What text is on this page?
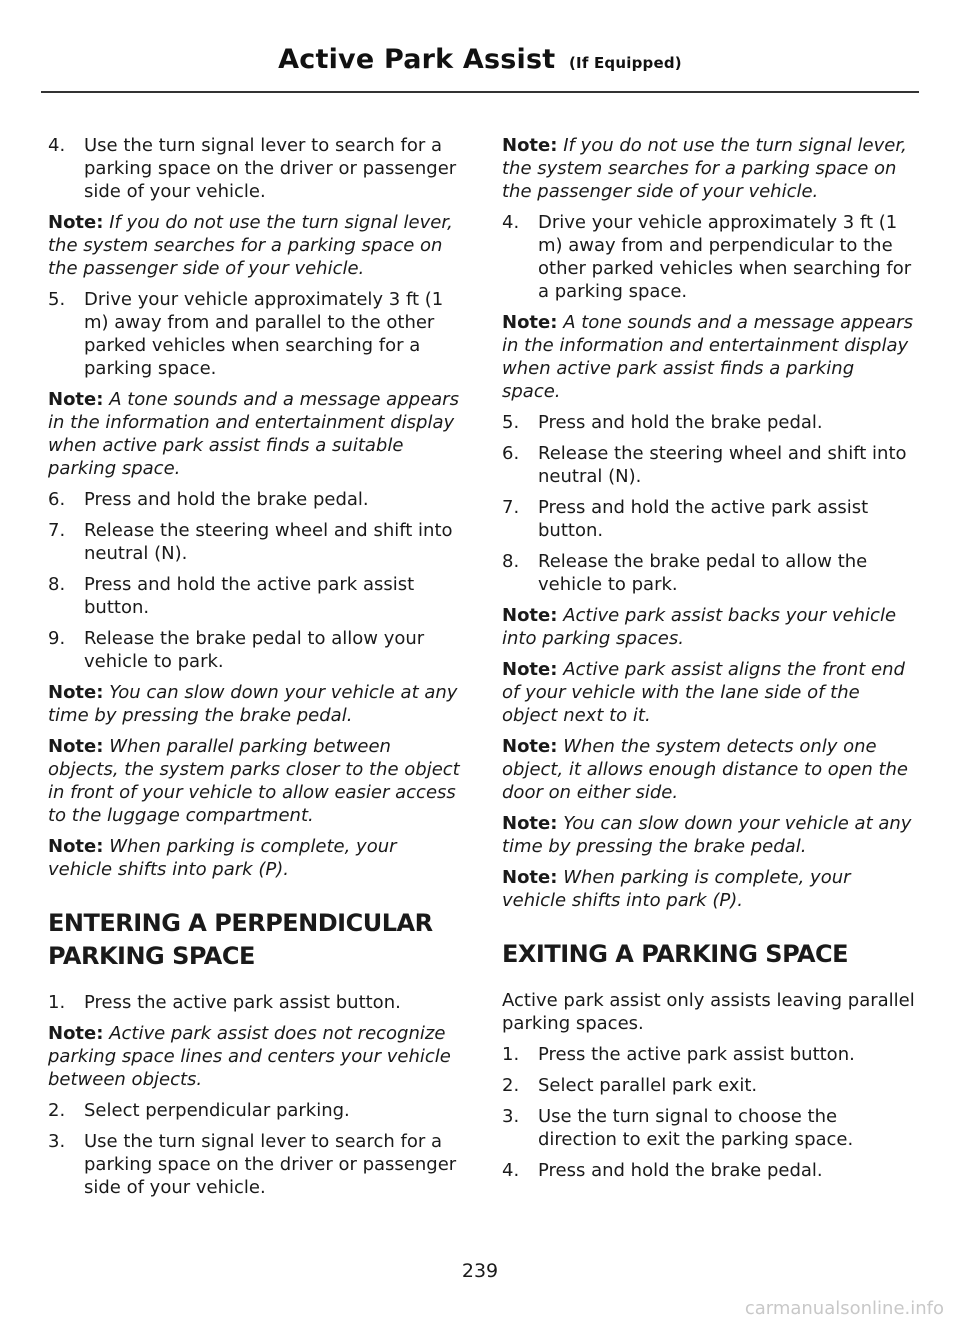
Active Park Assist (If Equipped)
4. Use the turn signal lever to search for a parking space on the driver or passenger side of your vehicle.
Note: If you do not use the turn signal lever, the system searches for a parking space on the passenger side of your vehicle.
5. Drive your vehicle approximately 3 ft (1 m) away from and parallel to the other parked vehicles when searching for a parking space.
Note: A tone sounds and a message appears in the information and entertainment display when active park assist finds a suitable parking space.
6. Press and hold the brake pedal.
7. Release the steering wheel and shift into neutral (N).
8. Press and hold the active park assist button.
9. Release the brake pedal to allow your vehicle to park.
Note: You can slow down your vehicle at any time by pressing the brake pedal.
Note: When parallel parking between objects, the system parks closer to the object in front of your vehicle to allow easier access to the luggage compartment.
Note: When parking is complete, your vehicle shifts into park (P).
ENTERING A PERPENDICULAR
PARKING SPACE
1. Press the active park assist button.
Note: Active park assist does not recognize parking space lines and centers your vehicle between objects.
2. Select perpendicular parking.
3. Use the turn signal lever to search for a parking space on the driver or passenger side of your vehicle.
Note: If you do not use the turn signal lever, the system searches for a parking space on the passenger side of your vehicle.
4. Drive your vehicle approximately 3 ft (1 m) away from and perpendicular to the other parked vehicles when searching for a parking space.
Note: A tone sounds and a message appears in the information and entertainment display when active park assist finds a parking space.
5. Press and hold the brake pedal.
6. Release the steering wheel and shift into neutral (N).
7. Press and hold the active park assist button.
8. Release the brake pedal to allow the vehicle to park.
Note: Active park assist backs your vehicle into parking spaces.
Note: Active park assist aligns the front end of your vehicle with the lane side of the object next to it.
Note: When the system detects only one object, it allows enough distance to open the door on either side.
Note: You can slow down your vehicle at any time by pressing the brake pedal.
Note: When parking is complete, your vehicle shifts into park (P).
EXITING A PARKING SPACE
Active park assist only assists leaving parallel parking spaces.
1. Press the active park assist button.
2. Select parallel park exit.
3. Use the turn signal to choose the direction to exit the parking space.
4. Press and hold the brake pedal.
239
carmanualsonline.info
